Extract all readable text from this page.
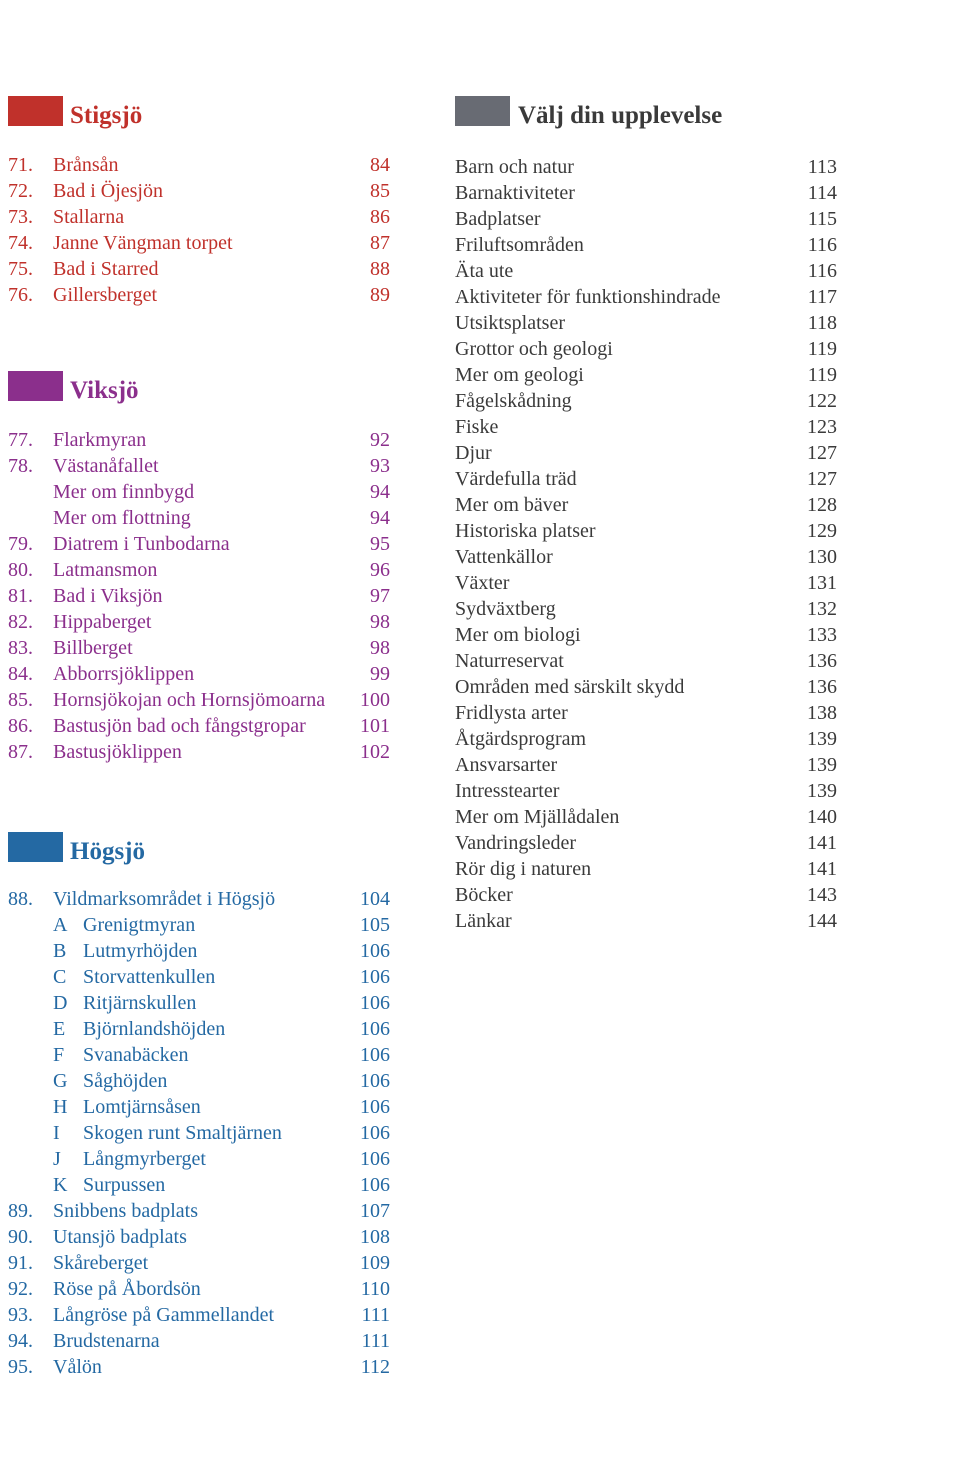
Stigsjö
71. Brånsån	84
72. Bad i Öjesjön	85
73. Stallarna	86
74. Janne Vängman torpet	87
75. Bad i Starred	88
76. Gillersberget	89
Viksjö
77. Flarkmyran	92
78. Västanåfallet	93
Mer om finnbygd	94
Mer om flottning	94
79. Diatrem i Tunbodarna	95
80. Latmansmon	96
81. Bad i Viksjön	97
82. Hippaberget	98
83. Billberget	98
84. Abborrsjöklippen	99
85. Hornsjökojan och Hornsjömoarna 100
86. Bastusjön bad och fångstgropar	101
87. Bastusjöklippen	102
Högsjö
88. Vildmarksområdet i Högsjö	104
A Grenigtmyran	105
B Lutmyrhöjden	106
C Storvattenkullen	106
D Ritjärnskullen	106
E Björnlandshöjden	106
F Svanabäcken	106
G Såghöjden	106
H Lomtjärnsåsen	106
I Skogen runt Smaltjärnen	106
J Långmyrberget	106
K Surpussen	106
89. Snibbens badplats	107
90. Utansjö badplats	108
91. Skåreberget	109
92. Röse på Åbordsön	110
93. Långröse på Gammellandet	111
94. Brudstenarna	111
95. Vålön	112
Välj din upplevelse
Barn och natur	113
Barnaktiviteter	114
Badplatser	115
Friluftsområden	116
Äta ute	116
Aktiviteter för funktionshindrade	117
Utsiktsplatser	118
Grottor och geologi	119
Mer om geologi	119
Fågelskådning	122
Fiske	123
Djur	127
Värdefulla träd	127
Mer om bäver	128
Historiska platser	129
Vattenkällor	130
Växter	131
Sydväxtberg	132
Mer om biologi	133
Naturreservat	136
Områden med särskilt skydd	136
Fridlysta arter	138
Åtgärdsprogram	139
Ansvarsarter	139
Intresstearter	139
Mer om Mjällådalen	140
Vandringsleder	141
Rör dig i naturen	141
Böcker	143
Länkar	144
